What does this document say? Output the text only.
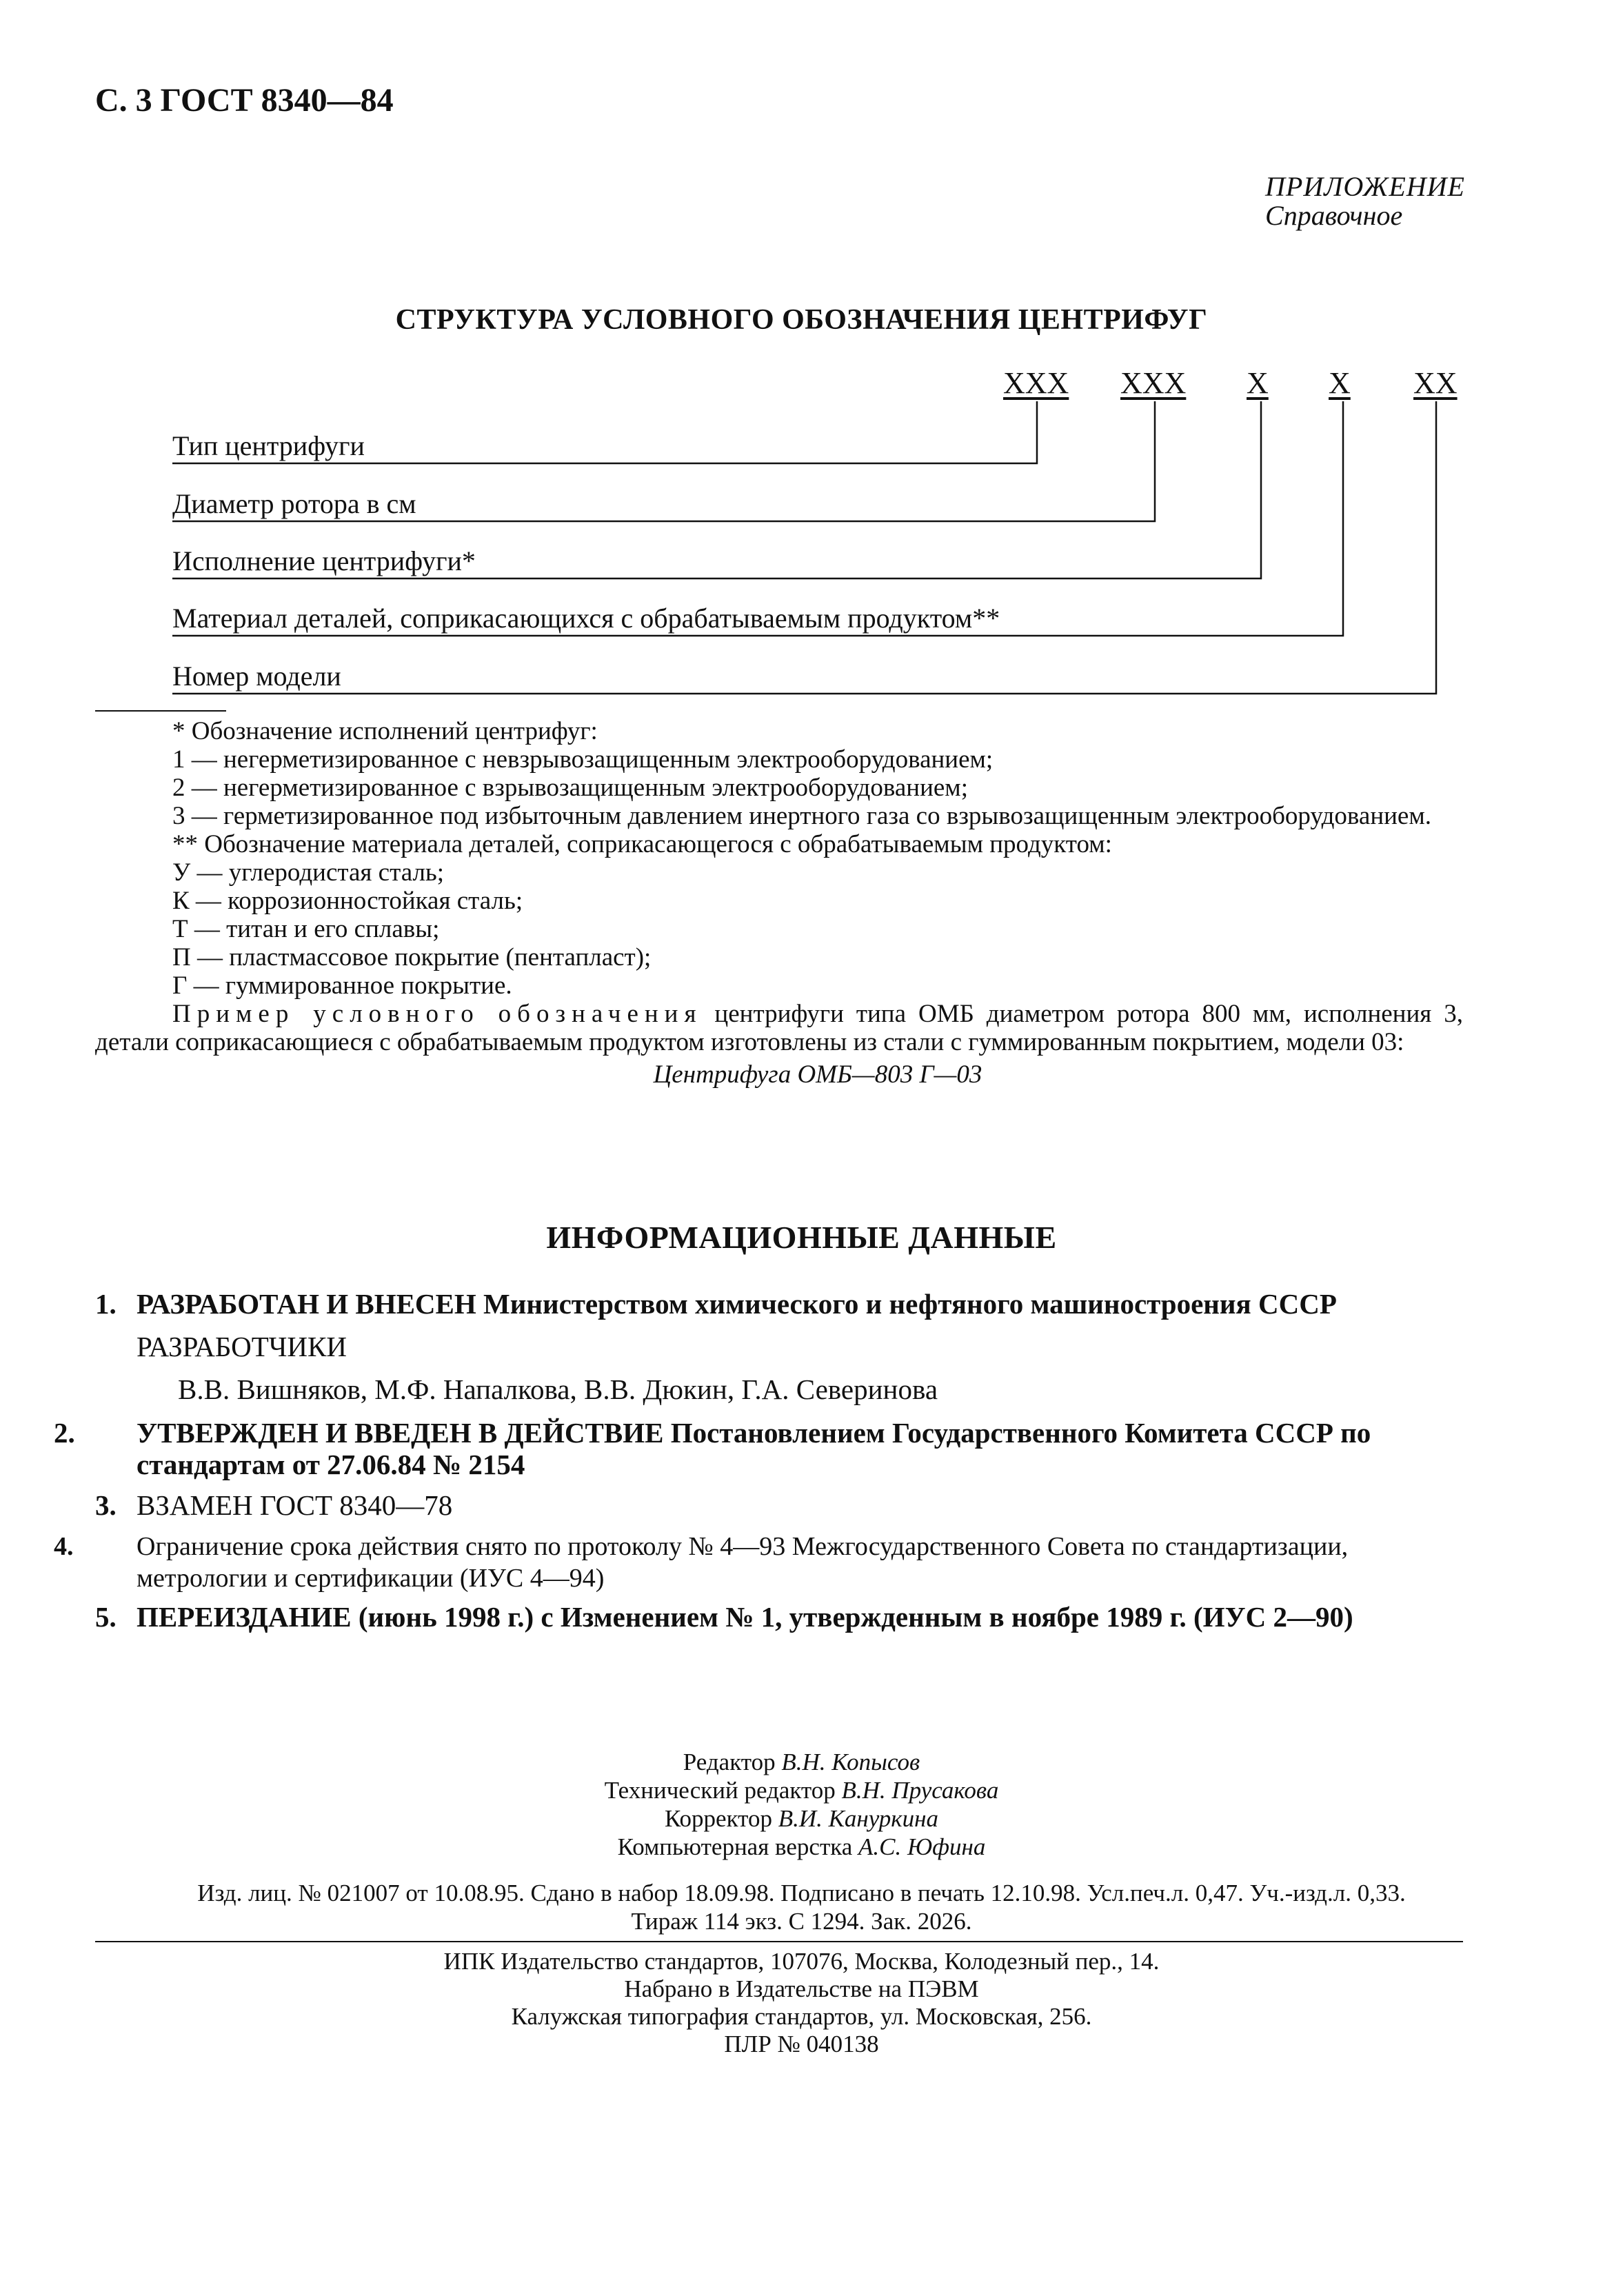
С. 3 ГОСТ 8340—84
ПРИЛОЖЕНИЕ
Справочное
СТРУКТУРА УСЛОВНОГО ОБОЗНАЧЕНИЯ ЦЕНТРИФУГ
ХХХ ХХХ Х Х ХХ
Тип центрифуги
Диаметр ротора в см
Исполнение центрифуги*
Материал деталей, соприкасающихся с обрабатываемым продуктом**
Номер модели

* Обозначение исполнений центрифуг:

1 — негерметизированное с невзрывозащищенным электрооборудованием;

2 — негерметизированное с взрывозащищенным электрооборудованием;

3 — герметизированное под избыточным давлением инертного газа со взрывозащищенным электрооборудованием.

** Обозначение материала деталей, соприкасающегося с обрабатываемым продуктом:

У — углеродистая сталь;

К — коррозионностойкая сталь;

Т — титан и его сплавы;

П — пластмассовое покрытие (пентапласт);

Г — гуммированное покрытие.

Пример условного обозначения центрифуги типа ОМБ диаметром ротора 800 мм, исполнения 3, детали соприкасающиеся с обрабатываемым продуктом изготовлены из стали с гуммированным покрытием, модели 03:

Центрифуга ОМБ—803 Г—03

ИНФОРМАЦИОННЫЕ ДАННЫЕ
1. РАЗРАБОТАН И ВНЕСЕН Министерством химического и нефтяного машиностроения СССР
РАЗРАБОТЧИКИ
В.В. Вишняков, М.Ф. Напалкова, В.В. Дюкин, Г.А. Северинова
2. УТВЕРЖДЕН И ВВЕДЕН В ДЕЙСТВИЕ Постановлением Государственного Комитета СССР по стандартам от 27.06.84 № 2154
3. ВЗАМЕН ГОСТ 8340—78
4. Ограничение срока действия снято по протоколу № 4—93 Межгосударственного Совета по стандартизации, метрологии и сертификации (ИУС 4—94)
5. ПЕРЕИЗДАНИЕ (июнь 1998 г.) с Изменением № 1, утвержденным в ноябре 1989 г. (ИУС 2—90)
Редактор В.Н. Копысов
Технический редактор В.Н. Прусакова
Корректор В.И. Кануркина
Компьютерная верстка А.С. Юфина
Изд. лиц. № 021007 от 10.08.95. Сдано в набор 18.09.98. Подписано в печать 12.10.98. Усл.печ.л. 0,47. Уч.-изд.л. 0,33.
Тираж 114 экз. С 1294. Зак. 2026.
ИПК Издательство стандартов, 107076, Москва, Колодезный пер., 14.
Набрано в Издательстве на ПЭВМ
Калужская типография стандартов, ул. Московская, 256.
ПЛР № 040138
